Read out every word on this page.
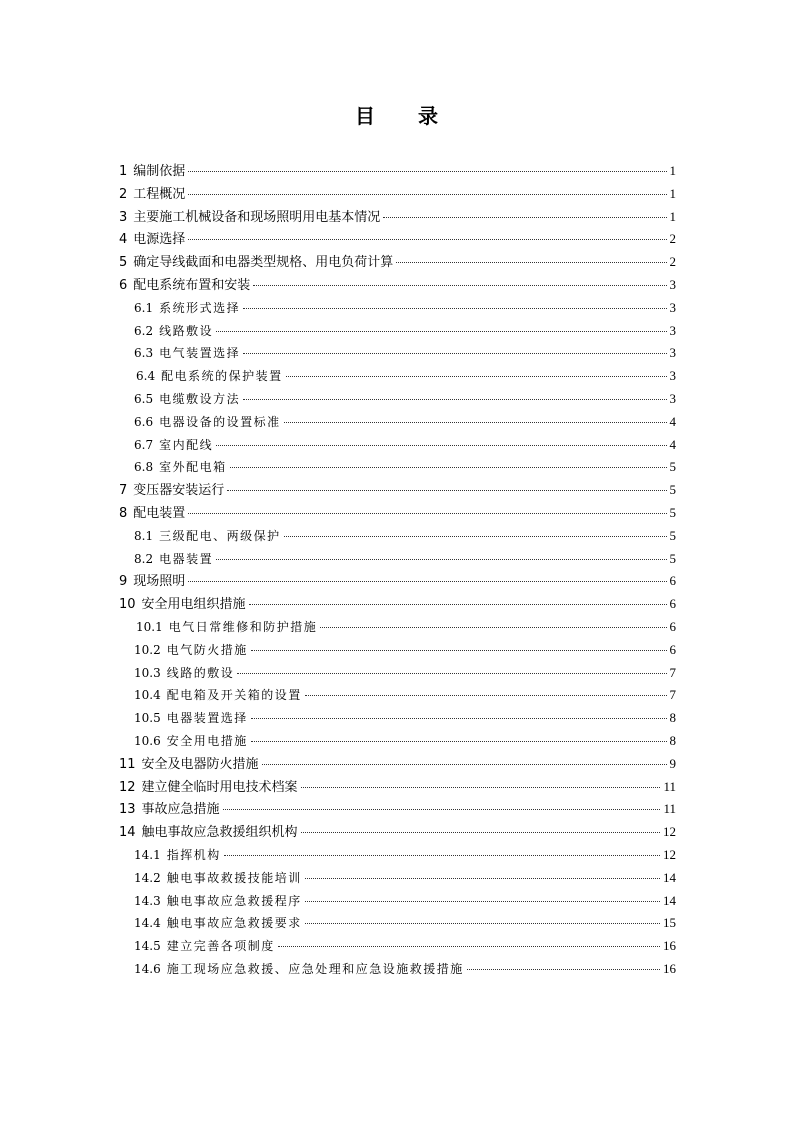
目 录
1 编制依据	1
2 工程概况	1
3 主要施工机械设备和现场照明用电基本情况	1
4 电源选择	2
5 确定导线截面和电器类型规格、用电负荷计算	2
6 配电系统布置和安装	3
6.1 系统形式选择	3
6.2 线路敷设	3
6.3 电气装置选择	3
6.4 配电系统的保护装置	3
6.5 电缆敷设方法	3
6.6 电器设备的设置标准	4
6.7 室内配线	4
6.8 室外配电箱	5
7 变压器安装运行	5
8 配电装置	5
8.1 三级配电、两级保护	5
8.2 电器装置	5
9 现场照明	6
10 安全用电组织措施	6
10.1 电气日常维修和防护措施	6
10.2 电气防火措施	6
10.3 线路的敷设	7
10.4 配电箱及开关箱的设置	7
10.5 电器装置选择	8
10.6 安全用电措施	8
11 安全及电器防火措施	9
12 建立健全临时用电技术档案	11
13 事故应急措施	11
14 触电事故应急救援组织机构	12
14.1 指挥机构	12
14.2 触电事故救援技能培训	14
14.3 触电事故应急救援程序	14
14.4 触电事故应急救援要求	15
14.5 建立完善各项制度	16
14.6 施工现场应急救援、应急处理和应急设施救援措施	16
